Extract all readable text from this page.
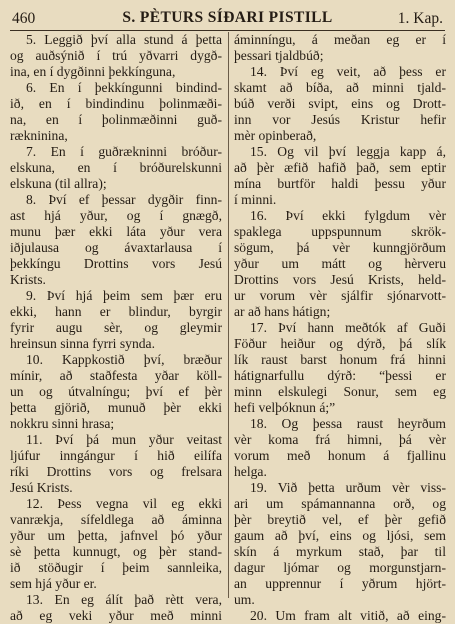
460	S. PÈTURS SÍÐARI PISTILL	1. Kap.
5. Leggið því alla stund á þetta
og auðsýnið í trú yðvarri dygð-
ina, en í dygðinni þekkínguna,
6. En í þekkíngunni bindind-
ið, en í bindindinu þolinmæði-
na, en í þolinmæðinni guð-
rækninina,
7. En í guðrækninni bróður-
elskuna, en í bróðurelskunni
elskuna (til allra);
8. Því ef þessar dygðir finn-
ast hjá yður, og í gnægð,
munu þær ekki láta yður vera
iðjulausa og ávaxtarlausa í
þekkíngu Drottins vors Jesú
Krists.
9. Því hjá þeim sem þær eru
ekki, hann er blindur, byrgir
fyrir augu sèr, og gleymir
hreinsun sinna fyrri synda.
10. Kappkostið því, bræður
mínir, að staðfesta yðar köll-
un og útvalníngu; því ef þèr
þetta gjörið, munuð þèr ekki
nokkru sinni hrasa;
11. Því þá mun yður veitast
ljúfur inngángur í hið eilífa
ríki Drottins vors og frelsara
Jesú Krists.
12. Þess vegna vil eg ekki
vanrækja, sífeldlega að áminna
yður um þetta, jafnvel þó yður
sè þetta kunnugt, og þèr stand-
ið stöðugir í þeim sannleika,
sem hjá yður er.
13. En eg álít það rètt vera,
að eg veki yður með minni
áminníngu, á meðan eg er í
þessari tjaldbúð;
14. Því eg veit, að þess er
skamt að bíða, að minni tjald-
búð verði svipt, eins og Drott-
inn vor Jesús Kristur hefir
mèr opinberað,
15. Og vil því leggja kapp á,
að þèr æfið hafið það, sem eptir
mína burtför haldi þessu yður
í minni.
16. Því ekki fylgdum vèr
spaklega uppspunnum skrök-
sögum, þá vèr kunngjörðum
yður um mátt og hèrveru
Drottins vors Jesú Krists, held-
ur vorum vèr sjálfir sjónarvott-
ar að hans hátign;
17. Því hann meðtók af Guði
Föður heiður og dýrð, þá slík
lík raust barst honum frá hinni
hátignarfullu dýrð: “þessi er
minn elskulegi Sonur, sem eg
hefi velþóknun á;”
18. Og þessa raust heyrðum
vèr koma frá himni, þá vèr
vorum með honum á fjallinu
helga.
19. Við þetta urðum vèr viss-
ari um spámannanna orð, og
þèr breytið vel, ef þèr gefið
gaum að því, eins og ljósi, sem
skín á myrkum stað, þar til
dagur ljómar og morgunstjarn-
an upprennur í yðrum hjört-
um.
20. Um fram alt vitið, að eing-
